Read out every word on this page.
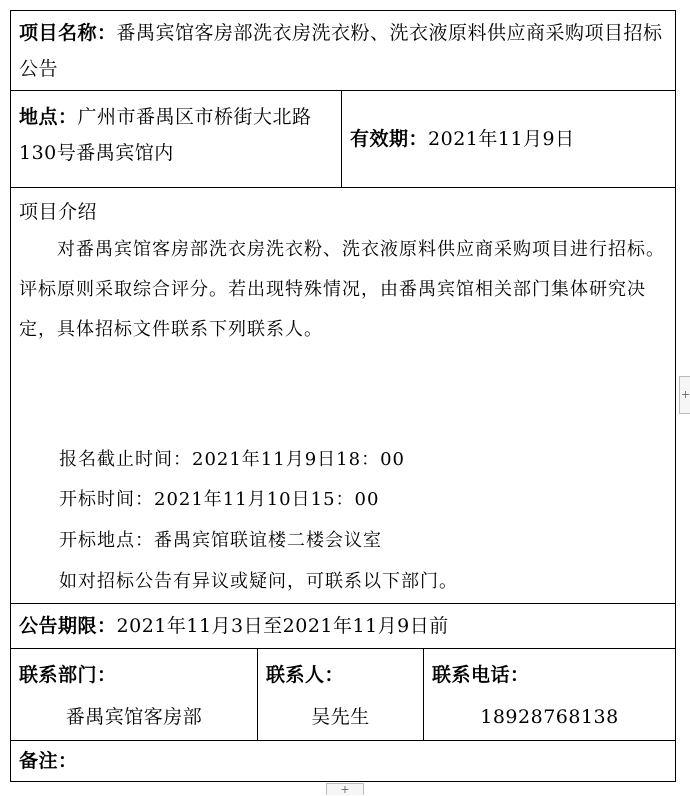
项目名称：番禺宾馆客房部洗衣房洗衣粉、洗衣液原料供应商采购项目招标公告
地点：广州市番禺区市桥街大北路130号番禺宾馆内
有效期：2021年11月9日
项目介绍
对番禺宾馆客房部洗衣房洗衣粉、洗衣液原料供应商采购项目进行招标。评标原则采取综合评分。若出现特殊情况，由番禺宾馆相关部门集体研究决定，具体招标文件联系下列联系人。
报名截止时间：2021年11月9日18：00
开标时间：2021年11月10日15：00
开标地点：番禺宾馆联谊楼二楼会议室
如对招标公告有异议或疑问，可联系以下部门。
公告期限：2021年11月3日至2021年11月9日前
联系部门：
番禺宾馆客房部
联系人：
吴先生
联系电话：
18928768138
备注：
+
+
